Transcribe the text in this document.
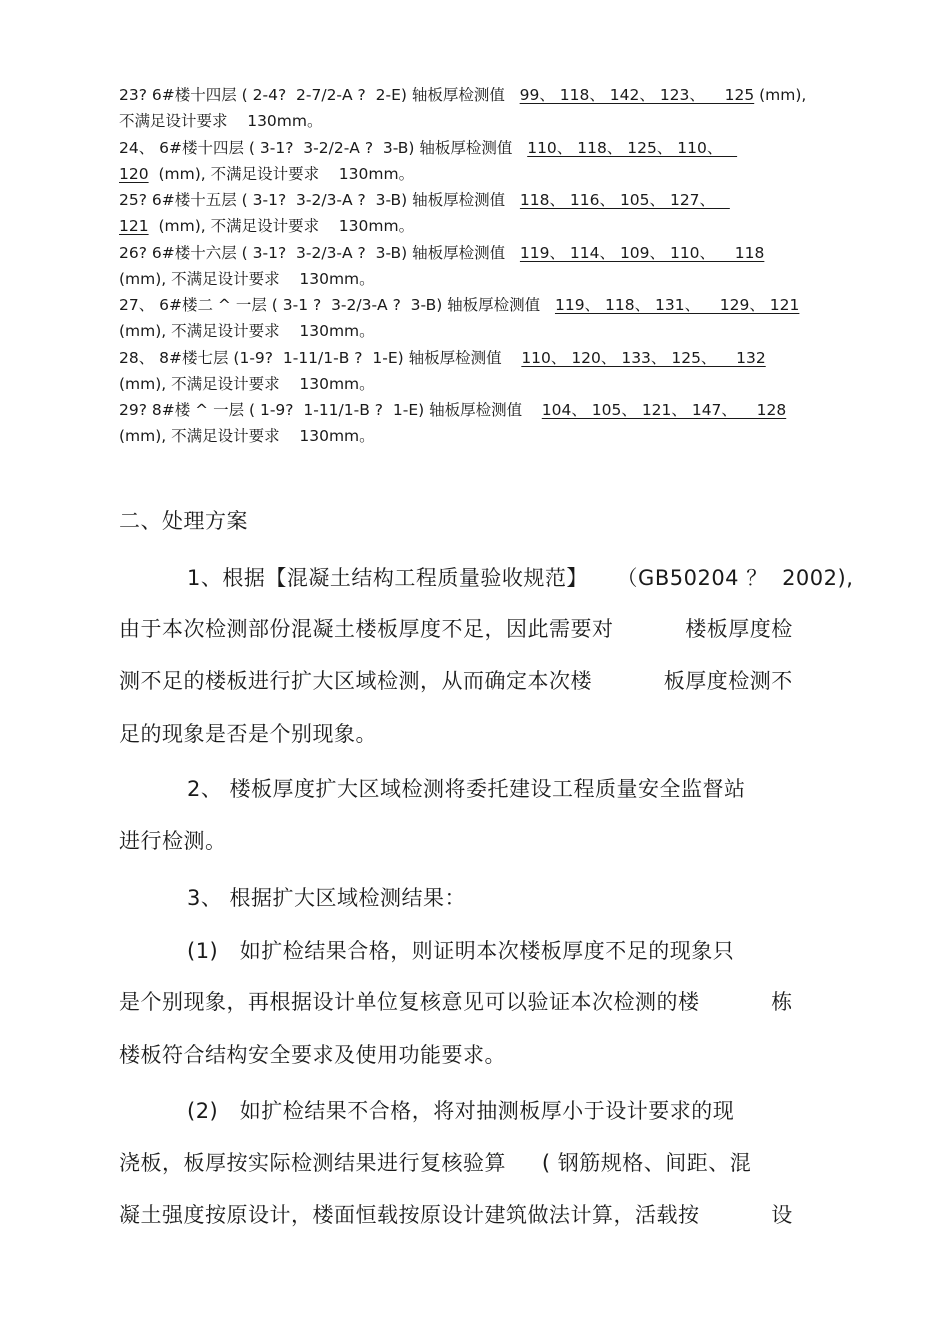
23? 6#楼十四层 ( 2-4?  2-7/2-A ?  2-E) 轴板厚检测值   99、 118、 142、 123、    125 (mm),
不满足设计要求    130mm。
24、 6#楼十四层 ( 3-1?  3-2/2-A ?  3-B) 轴板厚检测值   110、 118、 125、 110、
120  (mm), 不满足设计要求    130mm。
25? 6#楼十五层 ( 3-1?  3-2/3-A ?  3-B) 轴板厚检测值   118、 116、 105、 127、
121  (mm), 不满足设计要求    130mm。
26? 6#楼十六层 ( 3-1?  3-2/3-A ?  3-B) 轴板厚检测值   119、 114、 109、 110、    118
(mm), 不满足设计要求    130mm。
27、 6#楼二 ^ 一层 ( 3-1 ?  3-2/3-A ?  3-B) 轴板厚检测值   119、 118、 131、    129、 121
(mm), 不满足设计要求    130mm。
28、 8#楼七层 (1-9?  1-11/1-B ?  1-E) 轴板厚检测值    110、 120、 133、 125、    132
(mm), 不满足设计要求    130mm。
29? 8#楼 ^ 一层 ( 1-9?  1-11/1-B ?  1-E) 轴板厚检测值    104、 105、 121、 147、    128
(mm), 不满足设计要求    130mm。
二、处理方案
1、根据【混凝土结构工程质量验收规范】    （GB50204 ？  2002),
由于本次检测部份混凝土楼板厚度不足，因此需要对          楼板厚度检
测不足的楼板进行扩大区域检测，从而确定本次楼          板厚度检测不
足的现象是否是个别现象。
2、 楼板厚度扩大区域检测将委托建设工程质量安全监督站
进行检测。
3、 根据扩大区域检测结果：
(1)   如扩检结果合格，则证明本次楼板厚度不足的现象只
是个别现象，再根据设计单位复核意见可以验证本次检测的楼          栋
楼板符合结构安全要求及使用功能要求。
(2)   如扩检结果不合格，将对抽测板厚小于设计要求的现
浇板，板厚按实际检测结果进行复核验算     ( 钢筋规格、间距、混
凝土强度按原设计，楼面恒载按原设计建筑做法计算，活载按          设
